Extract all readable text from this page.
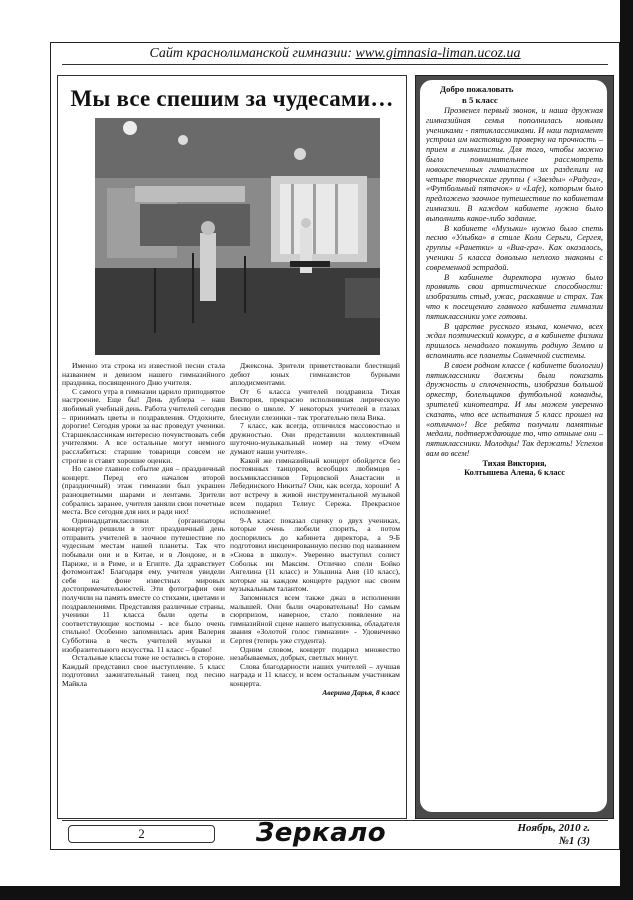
Сайт краснолиманской гимназии: www.gimnasia-liman.ucoz.ua
Мы все спешим за чудесами…

Именно эта строка из известной песни стала названием и девизом нашего гимназийного праздника, посвященного Дню учителя.

С самого утра в гимназии царило приподнятое настроение. Еще бы! День дублера – наш любимый учебный день. Работа учителей сегодня – принимать цветы и поздравления. Отдохните, дорогие! Сегодня уроки за вас проведут ученики. Старшеклассникам интересно почувствовать себя учителями. А все остальные могут немного расслабиться: старшие товарищи совсем не строгие и ставят хорошие оценки.

Но самое главное событие дня – праздничный концерт. Перед его началом второй (праздничный) этаж гимназии был украшен разноцветными шарами и лентами. Зрители собрались заранее, учителя заняли свои почетные места. Все сегодня для них и ради них!

Одиннадцатиклассники (организаторы концерта) решили в этот праздничный день отправить учителей в заочное путешествие по чудесным местам нашей планеты. Так что побывали они и в Китае, и в Лондоне, и в Париже, и в Риме, и в Египте. Да здравствует фотомонтаж! Благодаря ему, учителя увидели себя на фоне известных мировых достопримечательностей. Эти фотографии они получили на память вместе со стихами, цветами и поздравлениями. Представляя различные страны, ученики 11 класса были одеты в соответствующие костюмы - все было очень стильно! Особенно запомнилась ария Валерия Субботина в честь учителей музыки и изобразительного искусства. 11 класс – браво!

Остальные классы тоже не остались в стороне. Каждый представил свое выступление. 5 класс подготовил зажигательный танец под песню Майкла

Джексона. Зрители приветствовали блестящий дебют юных гимназистов бурными аплодисментами.

От 6 класса учителей поздравила Тихая Виктория, прекрасно исполнившая лирическую песню о школе. У некоторых учителей в глазах блеснули слезинки - так трогательно пела Вика.

7 класс, как всегда, отличился массовостью и дружностью. Они представили коллективный шуточно-музыкальный номер на тему «Очем думают наши учителя».

Какой же гимназийный концерт обойдется без постоянных танцоров, всеобщих любимцев - восьмиклассников Герцовской Анастасии и Лебединского Никиты? Они, как всегда, хороши! А вот встречу в живой инструментальной музыкой всем подарил Телиус Сережа. Прекрасное исполнение!

9-А класс показал сценку о двух учениках, которые очень любили спорить, а потом доспорились до кабинета директора, а 9-Б подготовил инсценированную песню под названием «Снова в школу». Уверенно выступил солист Собольк ин Максим. Отлично спели Бойко Ангелина (11 класс) и Ульшина Аня (10 класс), которые на каждом концерте радуют нас своим музыкальным талантом.

Запомнился всем также джаз в исполнении малышей. Они были очаровательны! Но самым сюрпризом, наверное, стало появление на гимназийной сцене нашего выпускника, обладателя звания «Золотой голос гимназии» - Удовиченко Сергея (теперь уже студента).

Одним словом, концерт подарил множество незабываемых, добрых, светлых минут.

Слова благодарности наших учителей – лучшая награда и 11 классу, и всем остальным участникам концерта.

Аверина Дарья, 8 класс

Добро пожаловать
в 5 класс

Прозвенел первый звонок, и наша дружная гимназийная семья пополнилась новыми учениками - пятиклассниками. И наш парламент устроил им настоящую проверку на прочность – прием в гимназисты. Для того, чтобы можно было повнимательнее рассмотреть новоиспеченных гимназистов их разделили на четыре творческие группы ( «Звезды» «Радуга», «Футбольный пятачок» и «Lafe), которым было предложено заочное путешествие по кабинетам гимназии. В каждом кабинете нужно было выполнить какое-либо задание.

В кабинете «Музыки» нужно было спеть песню «Улыбка» в стиле Коли Серьги, Сергея, группы «Ранетки» и «Виа-гра». Как оказалось, ученики 5 класса довольно неплохо знакомы с современной эстрадой.

В кабинете директора нужно было проявить свои артистические способности: изобразить стыд, ужас, раскаяние и страх. Так что к посещению главного кабинета гимназии пятиклассники уже готовы.

В царстве русского языка, конечно, всех ждал поэтический конкурс, а в кабинете физики пришлось ненадолго покинуть родную Землю и вспомнить все планеты Солнечной системы.

В своем родном классе ( кабинете биологии) пятиклассники должны были показать дружность и сплоченность, изобразив большой оркестр, болельщиков футбольной команды, зрителей кинотеатра. И мы можем уверенно сказать, что все испытания 5 класс прошел на «отлично»! Все ребята получили памятные медали, подтверждающие то, что отныне они – пятиклассники. Молодцы! Так держать! Успехов вам во всем!

Тихая Виктория,

Колтышева Алена, 6 класс

2	Зеркало	Ноябрь, 2010 г.
№1 (3)
